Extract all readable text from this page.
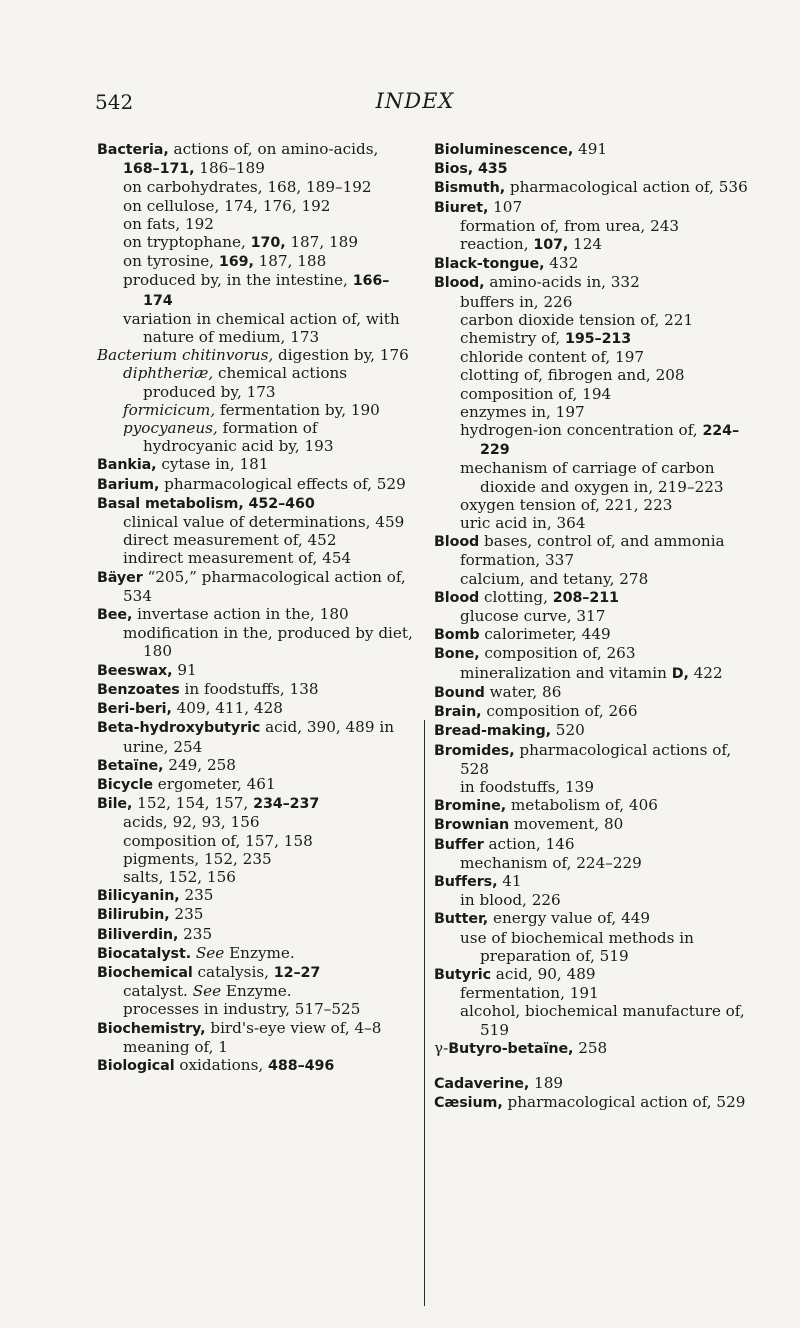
542	INDEX

Bacteria, actions of, on amino-acids, 168–171, 186–189

on carbohydrates, 168, 189–192

on cellulose, 174, 176, 192

on fats, 192

on tryptophane, 170, 187, 189

on tyrosine, 169, 187, 188

produced by, in the intestine, 166–174

variation in chemical action of, with nature of medium, 173

Bacterium chitinvorus, digestion by, 176

diphtheriæ, chemical actions produced by, 173

formicicum, fermentation by, 190

pyocyaneus, formation of hydrocyanic acid by, 193

Bankia, cytase in, 181

Barium, pharmacological effects of, 529

Basal metabolism, 452–460

clinical value of determinations, 459

direct measurement of, 452

indirect measurement of, 454

Bäyer “205,” pharmacological action of, 534

Bee, invertase action in the, 180

modification in the, produced by diet, 180

Beeswax, 91

Benzoates in foodstuffs, 138

Beri-beri, 409, 411, 428

Beta-hydroxybutyric acid, 390, 489 in urine, 254

Betaïne, 249, 258

Bicycle ergometer, 461

Bile, 152, 154, 157, 234–237

acids, 92, 93, 156

composition of, 157, 158

pigments, 152, 235

salts, 152, 156

Bilicyanin, 235

Bilirubin, 235

Biliverdin, 235

Biocatalyst. See Enzyme.

Biochemical catalysis, 12–27

catalyst. See Enzyme.

processes in industry, 517–525

Biochemistry, bird's-eye view of, 4–8 meaning of, 1

Biological oxidations, 488–496

Bioluminescence, 491

Bios, 435

Bismuth, pharmacological action of, 536

Biuret, 107

formation of, from urea, 243

reaction, 107, 124

Black-tongue, 432

Blood, amino-acids in, 332

buffers in, 226

carbon dioxide tension of, 221

chemistry of, 195–213

chloride content of, 197

clotting of, fibrogen and, 208

composition of, 194

enzymes in, 197

hydrogen-ion concentration of, 224–229

mechanism of carriage of carbon dioxide and oxygen in, 219–223

oxygen tension of, 221, 223

uric acid in, 364

Blood bases, control of, and ammonia formation, 337

calcium, and tetany, 278

Blood clotting, 208–211

glucose curve, 317

Bomb calorimeter, 449

Bone, composition of, 263

mineralization and vitamin D, 422

Bound water, 86

Brain, composition of, 266

Bread-making, 520

Bromides, pharmacological actions of, 528

in foodstuffs, 139

Bromine, metabolism of, 406

Brownian movement, 80

Buffer action, 146

mechanism of, 224–229

Buffers, 41

in blood, 226

Butter, energy value of, 449

use of biochemical methods in preparation of, 519

Butyric acid, 90, 489

fermentation, 191

alcohol, biochemical manufacture of, 519

γ-Butyro-betaïne, 258

Cadaverine, 189

Cæsium, pharmacological action of, 529
